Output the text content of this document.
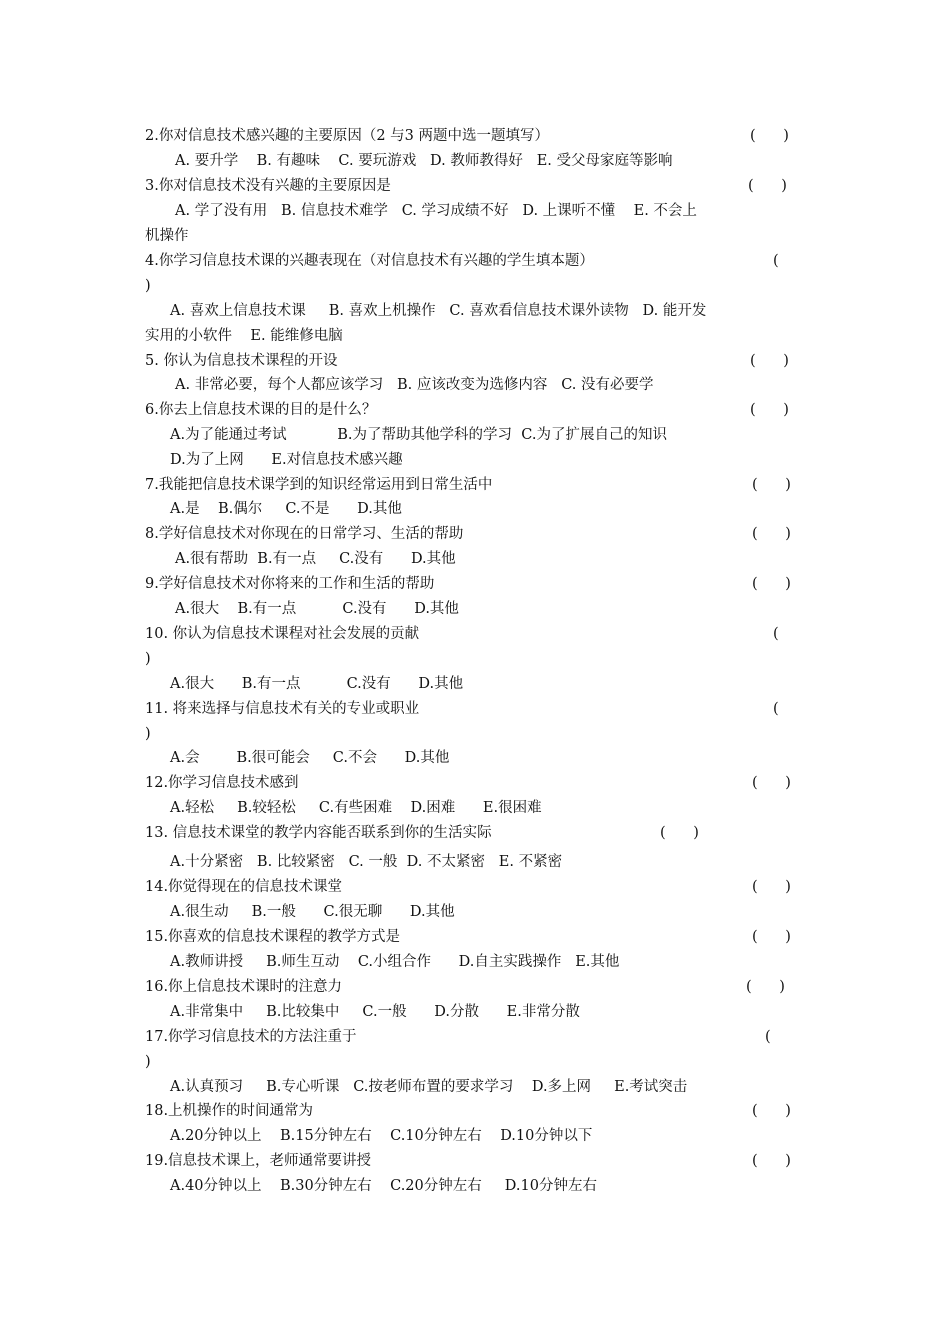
2.你对信息技术感兴趣的主要原因（2 与3 两题中选一题填写）	(      )
A. 要升学    B. 有趣味    C. 要玩游戏   D. 教师教得好   E. 受父母家庭等影响
3.你对信息技术没有兴趣的主要原因是	(      )
A. 学了没有用   B. 信息技术难学   C. 学习成绩不好   D. 上课听不懂    E. 不会上
机操作
4.你学习信息技术课的兴趣表现在（对信息技术有兴趣的学生填本题）	(
)
A. 喜欢上信息技术课     B. 喜欢上机操作   C. 喜欢看信息技术课外读物   D. 能开发
实用的小软件    E. 能维修电脑
5. 你认为信息技术课程的开设	(      )
A. 非常必要，每个人都应该学习   B. 应该改变为选修内容   C. 没有必要学
6.你去上信息技术课的目的是什么？	(      )
A.为了能通过考试           B.为了帮助其他学科的学习  C.为了扩展自己的知识
D.为了上网      E.对信息技术感兴趣
7.我能把信息技术课学到的知识经常运用到日常生活中	(      )
A.是    B.偶尔     C.不是      D.其他
8.学好信息技术对你现在的日常学习、生活的帮助	(      )
A.很有帮助  B.有一点     C.没有      D.其他
9.学好信息技术对你将来的工作和生活的帮助	(      )
A.很大    B.有一点          C.没有      D.其他
10. 你认为信息技术课程对社会发展的贡献	(
)
A.很大      B.有一点          C.没有      D.其他
11. 将来选择与信息技术有关的专业或职业	(
)
A.会        B.很可能会     C.不会      D.其他
12.你学习信息技术感到	(      )
A.轻松     B.较轻松     C.有些困难    D.困难      E.很困难
13. 信息技术课堂的教学内容能否联系到你的生活实际	(      )
A.十分紧密   B. 比较紧密   C. 一般  D. 不太紧密   E. 不紧密
14.你觉得现在的信息技术课堂	(      )
A.很生动     B.一般      C.很无聊      D.其他
15.你喜欢的信息技术课程的教学方式是	(      )
A.教师讲授     B.师生互动    C.小组合作      D.自主实践操作   E.其他
16.你上信息技术课时的注意力	(      )
A.非常集中     B.比较集中     C.一般      D.分散      E.非常分散
17.你学习信息技术的方法注重于	(
)
A.认真预习     B.专心听课   C.按老师布置的要求学习    D.多上网     E.考试突击
18.上机操作的时间通常为	(      )
A.20分钟以上    B.15分钟左右    C.10分钟左右    D.10分钟以下
19.信息技术课上，老师通常要讲授	(      )
A.40分钟以上    B.30分钟左右    C.20分钟左右     D.10分钟左右
